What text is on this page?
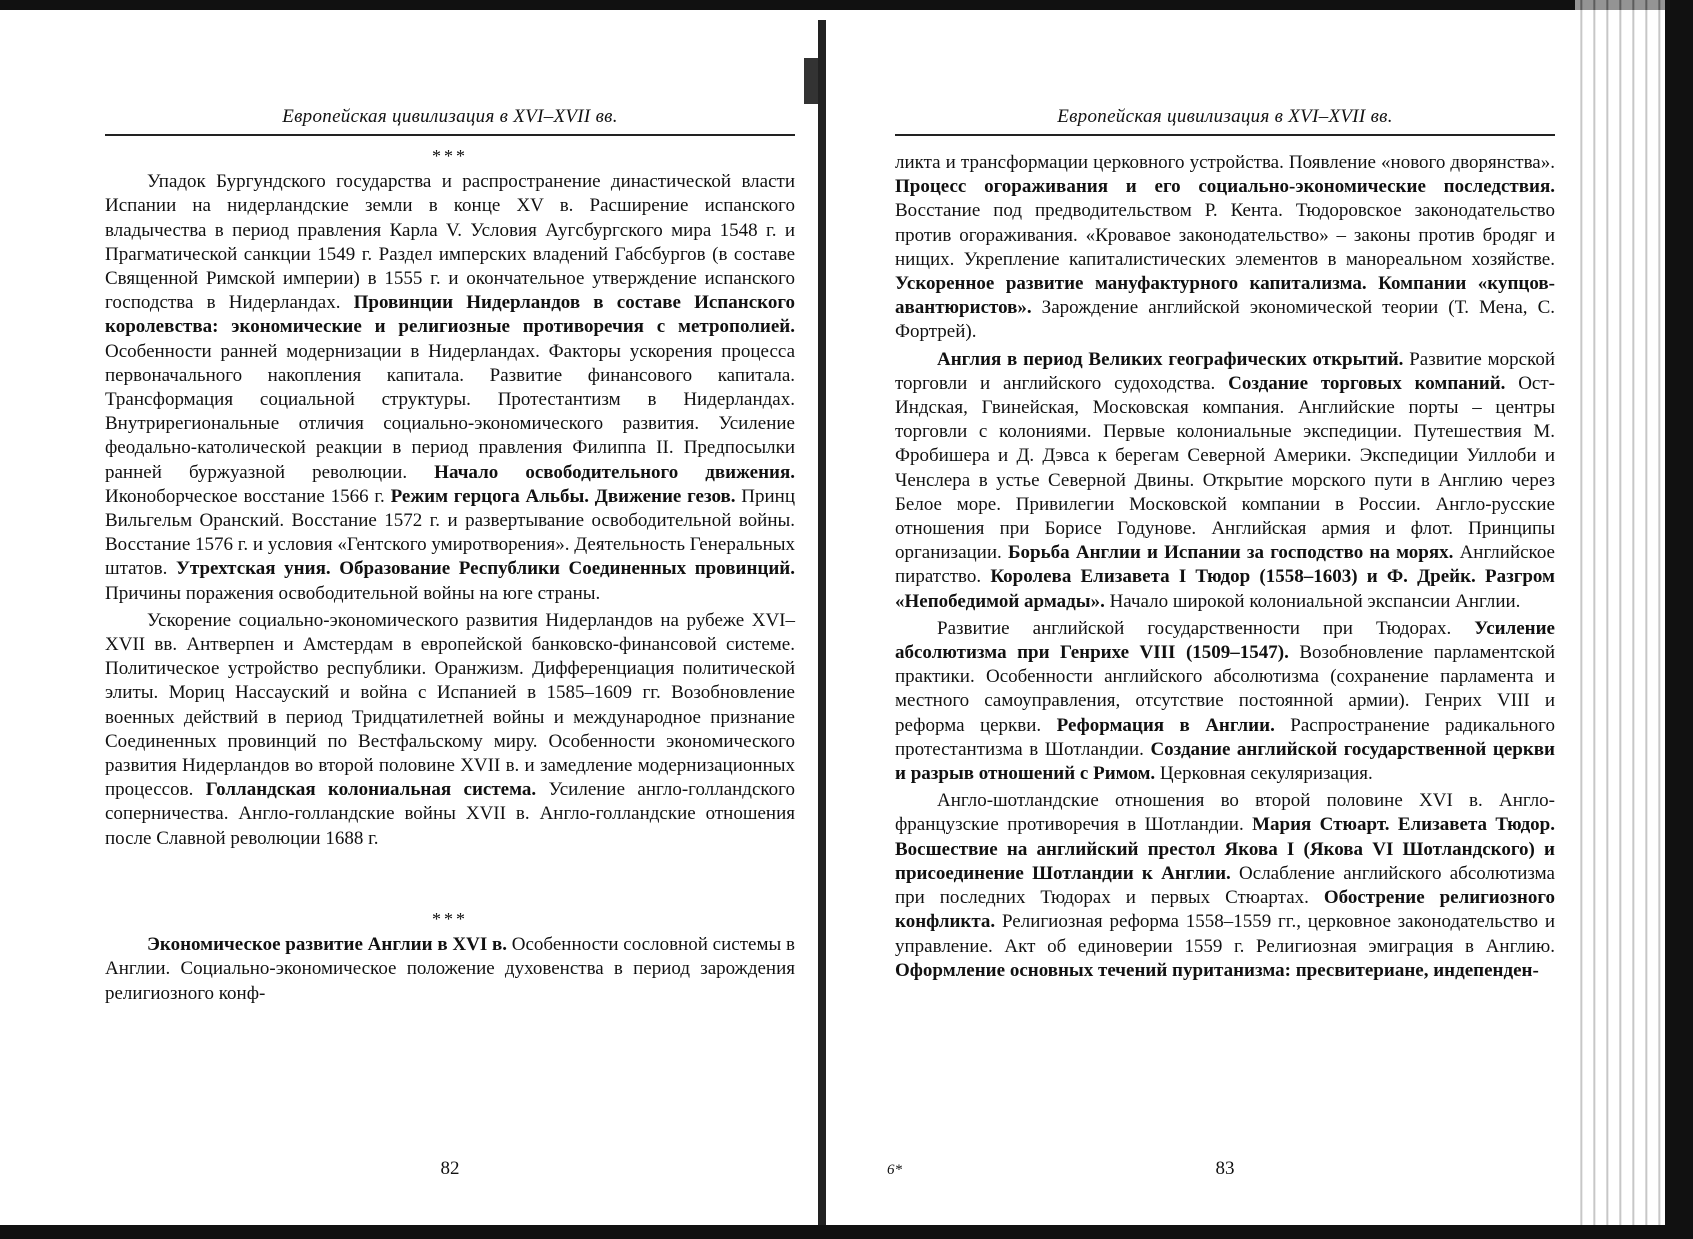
Европейская цивилизация в XVI–XVII вв.
***

Упадок Бургундского государства и распространение династической власти Испании на нидерландские земли в конце XV в. Расширение испанского владычества в период правления Карла V. Условия Аугсбургского мира 1548 г. и Прагматической санкции 1549 г. Раздел имперских владений Габсбургов (в составе Священной Римской империи) в 1555 г. и окончательное утверждение испанского господства в Нидерландах. Провинции Нидерландов в составе Испанского королевства: экономические и религиозные противоречия с метрополией. Особенности ранней модернизации в Нидерландах. Факторы ускорения процесса первоначального накопления капитала. Развитие финансового капитала. Трансформация социальной структуры. Протестантизм в Нидерландах. Внутрирегиональные отличия социально-экономического развития. Усиление феодально-католической реакции в период правления Филиппа II. Предпосылки ранней буржуазной революции. Начало освободительного движения. Иконоборческое восстание 1566 г. Режим герцога Альбы. Движение гезов. Принц Вильгельм Оранский. Восстание 1572 г. и развертывание освободительной войны. Восстание 1576 г. и условия «Гентского умиротворения». Деятельность Генеральных штатов. Утрехтская уния. Образование Республики Соединенных провинций. Причины поражения освободительной войны на юге страны.

Ускорение социально-экономического развития Нидерландов на рубеже XVI–XVII вв. Антверпен и Амстердам в европейской банковско-финансовой системе. Политическое устройство республики. Оранжизм. Дифференциация политической элиты. Мориц Нассауский и война с Испанией в 1585–1609 гг. Возобновление военных действий в период Тридцатилетней войны и международное признание Соединенных провинций по Вестфальскому миру. Особенности экономического развития Нидерландов во второй половине XVII в. и замедление модернизационных процессов. Голландская колониальная система. Усиление англо-голландского соперничества. Англо-голландские войны XVII в. Англо-голландские отношения после Славной революции 1688 г.

***

Экономическое развитие Англии в XVI в. Особенности сословной системы в Англии. Социально-экономическое положение духовенства в период зарождения религиозного конф-

82
Европейская цивилизация в XVI–XVII вв.

ликта и трансформации церковного устройства. Появление «нового дворянства». Процесс огораживания и его социально-экономические последствия. Восстание под предводительством Р. Кента. Тюдоровское законодательство против огораживания. «Кровавое законодательство» – законы против бродяг и нищих. Укрепление капиталистических элементов в манореальном хозяйстве. Ускоренное развитие мануфактурного капитализма. Компании «купцов-авантюристов». Зарождение английской экономической теории (Т. Мена, С. Фортрей).

Англия в период Великих географических открытий. Развитие морской торговли и английского судоходства. Создание торговых компаний. Ост-Индская, Гвинейская, Московская компания. Английские порты – центры торговли с колониями. Первые колониальные экспедиции. Путешествия М. Фробишера и Д. Дэвса к берегам Северной Америки. Экспедиции Уиллоби и Ченслера в устье Северной Двины. Открытие морского пути в Англию через Белое море. Привилегии Московской компании в России. Англо-русские отношения при Борисе Годунове. Английская армия и флот. Принципы организации. Борьба Англии и Испании за господство на морях. Английское пиратство. Королева Елизавета I Тюдор (1558–1603) и Ф. Дрейк. Разгром «Непобедимой армады». Начало широкой колониальной экспансии Англии.

Развитие английской государственности при Тюдорах. Усиление абсолютизма при Генрихе VIII (1509–1547). Возобновление парламентской практики. Особенности английского абсолютизма (сохранение парламента и местного самоуправления, отсутствие постоянной армии). Генрих VIII и реформа церкви. Реформация в Англии. Распространение радикального протестантизма в Шотландии. Создание английской государственной церкви и разрыв отношений с Римом. Церковная секуляризация.

Англо-шотландские отношения во второй половине XVI в. Англо-французские противоречия в Шотландии. Мария Стюарт. Елизавета Тюдор. Восшествие на английский престол Якова I (Якова VI Шотландского) и присоединение Шотландии к Англии. Ослабление английского абсолютизма при последних Тюдорах и первых Стюартах. Обострение религиозного конфликта. Религиозная реформа 1558–1559 гг., церковное законодательство и управление. Акт об единоверии 1559 г. Религиозная эмиграция в Англию. Оформление основных течений пуританизма: пресвитериане, индепенден-

6*	83
